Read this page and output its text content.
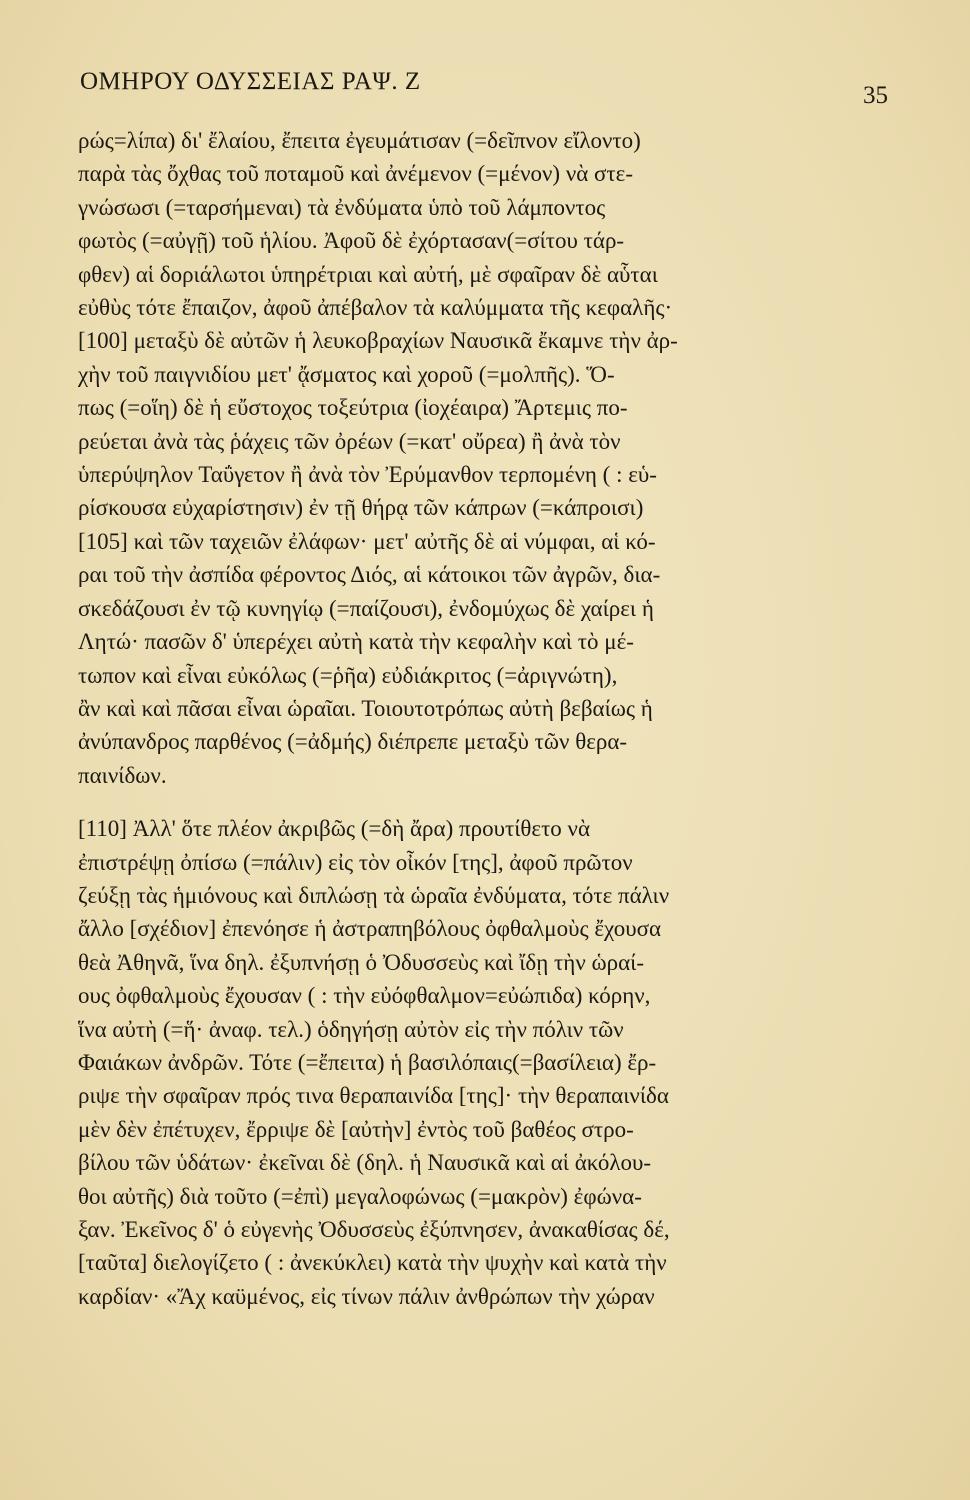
ΟΜΗΡΟΥ ΟΔΥΣΣΕΙΑΣ ΡΑΨ. Ζ
35
ρώς=λίπα) δι' ἔλαίου, ἔπειτα ἐγευμάτισαν (=δεῖπνον εἴλοντο)
παρὰ τὰς ὄχθας τοῦ ποταμοῦ καὶ ἀνέμενον (=μένον) νὰ στε-
γνώσωσι (=ταρσήμεναι) τὰ ἐνδύματα ὑπὸ τοῦ λάμποντος
φωτὸς (=αὐγῇ) τοῦ ἡλίου. Ἀφοῦ δὲ ἐχόρτασαν(=σίτου τάρ-
φθεν) αἱ δοριάλωτοι ὑπηρέτριαι καὶ αὐτή, μὲ σφαῖραν δὲ αὗται
εὐθὺς τότε ἔπαιζον, ἀφοῦ ἀπέβαλον τὰ καλύμματα τῆς κεφαλῆς·
[100] μεταξὺ δὲ αὐτῶν ἡ λευκοβραχίων Ναυσικᾶ ἔκαμνε τὴν ἀρ-
χὴν τοῦ παιγνιδίου μετ' ᾄσματος καὶ χοροῦ (=μολπῆς). Ὅ-
πως (=οἵη) δὲ ἡ εὔστοχος τοξεύτρια (ἰοχέαιρα) Ἄρτεμις πο-
ρεύεται ἀνὰ τὰς ῥάχεις τῶν ὀρέων (=κατ' οὔρεα) ἢ ἀνὰ τὸν
ὑπερύψηλον Ταΰγετον ἢ ἀνὰ τὸν Ἐρύμανθον τερπομένη ( : εὑ-
ρίσκουσα εὐχαρίστησιν) ἐν τῇ θήρᾳ τῶν κάπρων (=κάπροισι)
[105] καὶ τῶν ταχειῶν ἐλάφων· μετ' αὐτῆς δὲ αἱ νύμφαι, αἱ κό-
ραι τοῦ τὴν ἀσπίδα φέροντος Διός, αἱ κάτοικοι τῶν ἀγρῶν, δια-
σκεδάζουσι ἐν τῷ κυνηγίῳ (=παίζουσι), ἐνδομύχως δὲ χαίρει ἡ
Λητώ· πασῶν δ' ὑπερέχει αὐτὴ κατὰ τὴν κεφαλὴν καὶ τὸ μέ-
τωπον καὶ εἶναι εὐκόλως (=ῥῆα) εὐδιάκριτος (=ἀριγνώτη),
ἂν καὶ καὶ πᾶσαι εἶναι ὡραῖαι. Τοιουτοτρόπως αὐτὴ βεβαίως ἡ
ἀνύπανδρος παρθένος (=ἀδμής) διέπρεπε μεταξὺ τῶν θερα-
παινίδων.
[110] Ἀλλ' ὅτε πλέον ἀκριβῶς (=δὴ ἄρα) προυτίθετο νὰ
ἐπιστρέψῃ ὀπίσω (=πάλιν) εἰς τὸν οἶκόν [της], ἀφοῦ πρῶτον
ζεύξῃ τὰς ἡμιόνους καὶ διπλώσῃ τὰ ὡραῖα ἐνδύματα, τότε πάλιν
ἄλλο [σχέδιον] ἐπενόησε ἡ ἀστραπηβόλους ὀφθαλμοὺς ἔχουσα
θεὰ Ἀθηνᾶ, ἵνα δηλ. ἐξυπνήσῃ ὁ Ὀδυσσεὺς καὶ ἴδῃ τὴν ὡραί-
ους ὀφθαλμοὺς ἔχουσαν ( : τὴν εὐόφθαλμον=εὐώπιδα) κόρην,
ἵνα αὐτὴ (=ἥ· ἀναφ. τελ.) ὁδηγήσῃ αὐτὸν εἰς τὴν πόλιν τῶν
Φαιάκων ἀνδρῶν. Τότε (=ἔπειτα) ἡ βασιλόπαις(=βασίλεια) ἔρ-
ριψε τὴν σφαῖραν πρός τινα θεραπαινίδα [της]· τὴν θεραπαινίδα
μὲν δὲν ἐπέτυχεν, ἔρριψε δὲ [αὐτὴν] ἐντὸς τοῦ βαθέος στρο-
βίλου τῶν ὑδάτων· ἐκεῖναι δὲ (δηλ. ἡ Ναυσικᾶ καὶ αἱ ἀκόλου-
θοι αὐτῆς) διὰ τοῦτο (=ἐπὶ) μεγαλοφώνως (=μακρὸν) ἐφώνα-
ξαν. Ἐκεῖνος δ' ὁ εὐγενὴς Ὀδυσσεὺς ἐξύπνησεν, ἀνακαθίσας δέ,
[ταῦτα] διελογίζετο ( : ἀνεκύκλει) κατὰ τὴν ψυχὴν καὶ κατὰ τὴν
καρδίαν· «Ἄχ καϋμένος, εἰς τίνων πάλιν ἀνθρώπων τὴν χώραν
